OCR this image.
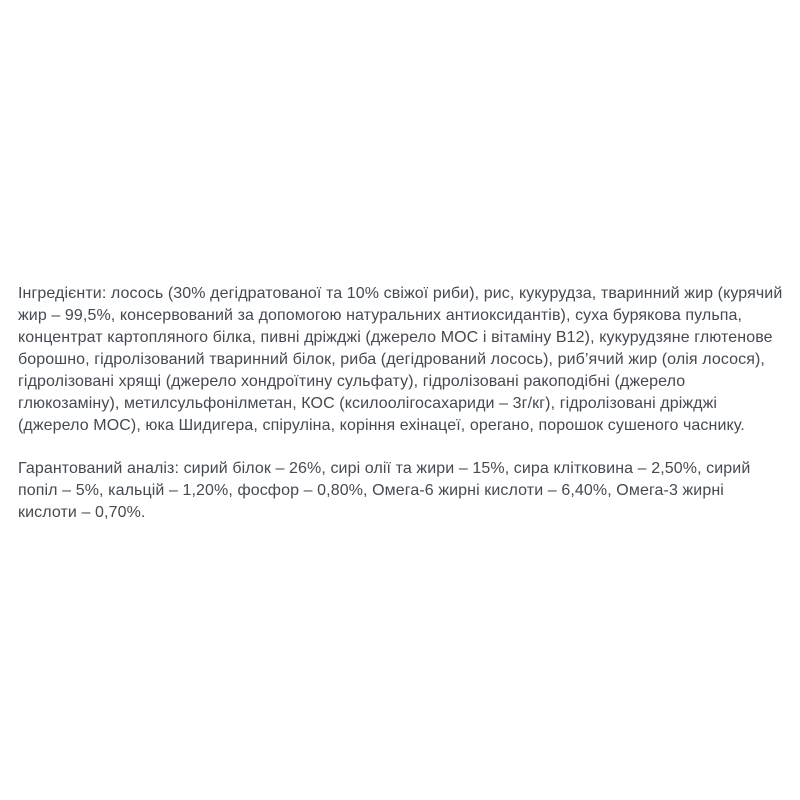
Інгредієнти: лосось (30% дегідратованої та 10% свіжої риби), рис, кукурудза, тваринний жир (курячий жир – 99,5%, консервований за допомогою натуральних антиоксидантів), суха бурякова пульпа, концентрат картопляного білка, пивні дріжджі (джерело МОС і вітаміну В12), кукурудзяне глютенове борошно, гідролізований тваринний білок, риба (дегідрований лосось), риб’ячий жир (олія лосося), гідролізовані хрящі (джерело хондроїтину сульфату), гідролізовані ракоподібні (джерело глюкозаміну), метилсульфонілметан, КОС (ксилоолігосахариди – 3г/кг), гідролізовані дріжджі (джерело МОС), юка Шидигера, спіруліна, коріння ехінацеї, орегано, порошок сушеного часнику.

Гарантований аналіз: сирий білок – 26%, сирі олії та жири – 15%, сира клітковина – 2,50%, сирий попіл – 5%, кальцій – 1,20%, фосфор – 0,80%, Омега-6 жирні кислоти – 6,40%, Омега-3 жирні кислоти – 0,70%.
